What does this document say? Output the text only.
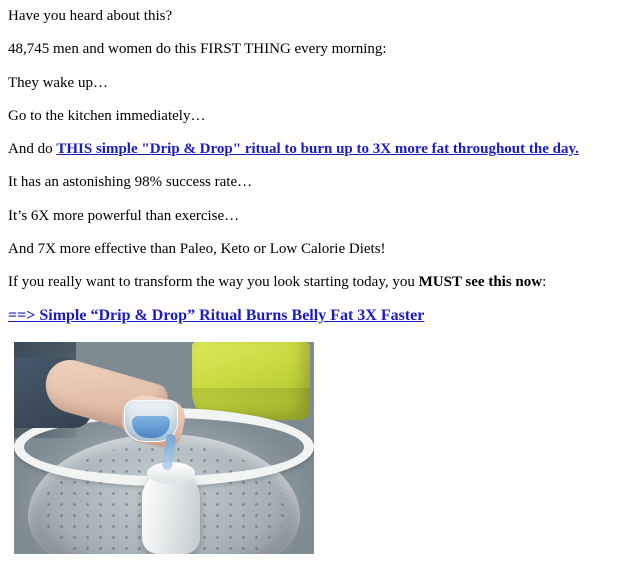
Have you heard about this?

48,745 men and women do this FIRST THING every morning:

They wake up…

Go to the kitchen immediately…

And do THIS simple "Drip & Drop" ritual to burn up to 3X more fat throughout the day.

It has an astonishing 98% success rate…

It’s 6X more powerful than exercise…

And 7X more effective than Paleo, Keto or Low Calorie Diets!

If you really want to transform the way you look starting today, you MUST see this now:

==> Simple “Drip & Drop” Ritual Burns Belly Fat 3X Faster
